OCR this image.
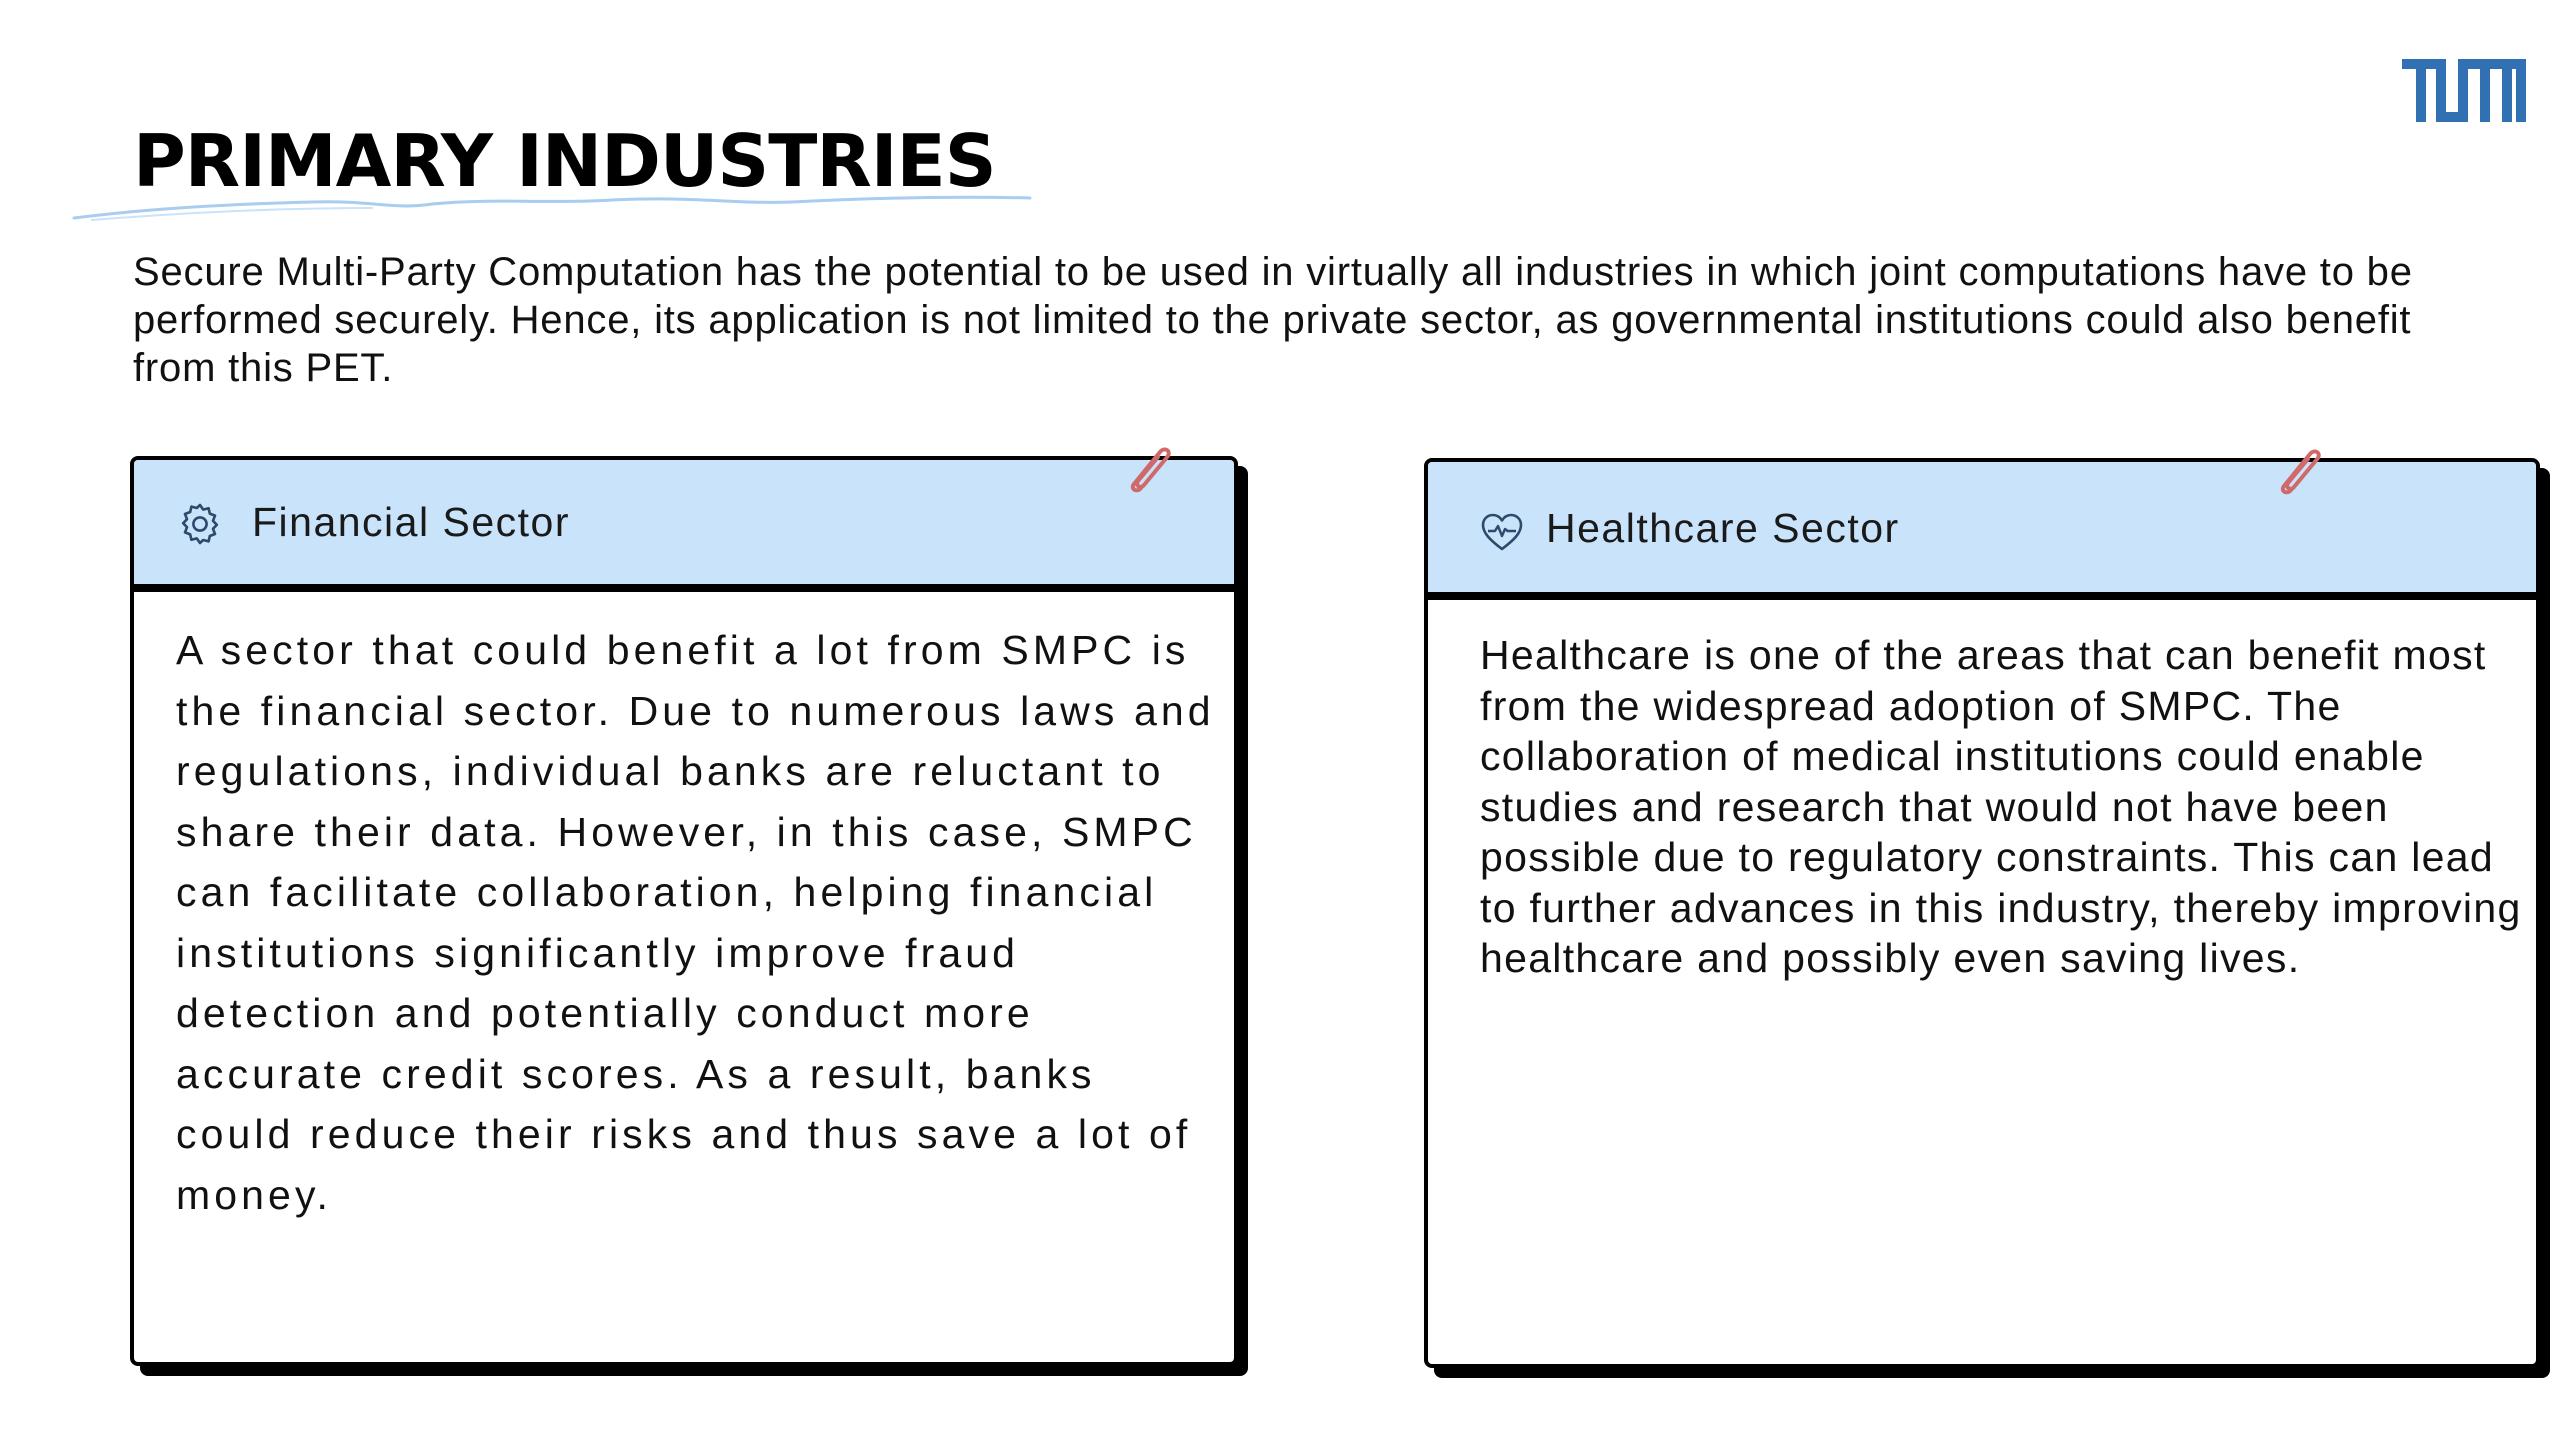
PRIMARY INDUSTRIES

Secure Multi-Party Computation has the potential to be used in virtually all industries in which joint computations have to be performed securely. Hence, its application is not limited to the private sector, as governmental institutions could also benefit from this PET.

Financial Sector

A sector that could benefit a lot from SMPC is the financial sector. Due to numerous laws and regulations, individual banks are reluctant to share their data. However, in this case, SMPC can facilitate collaboration, helping financial institutions significantly improve fraud detection and potentially conduct more accurate credit scores. As a result, banks could reduce their risks and thus save a lot of money.

Healthcare Sector

Healthcare is one of the areas that can benefit most from the widespread adoption of SMPC. The collaboration of medical institutions could enable studies and research that would not have been possible due to regulatory constraints. This can lead to further advances in this industry, thereby improving healthcare and possibly even saving lives.
